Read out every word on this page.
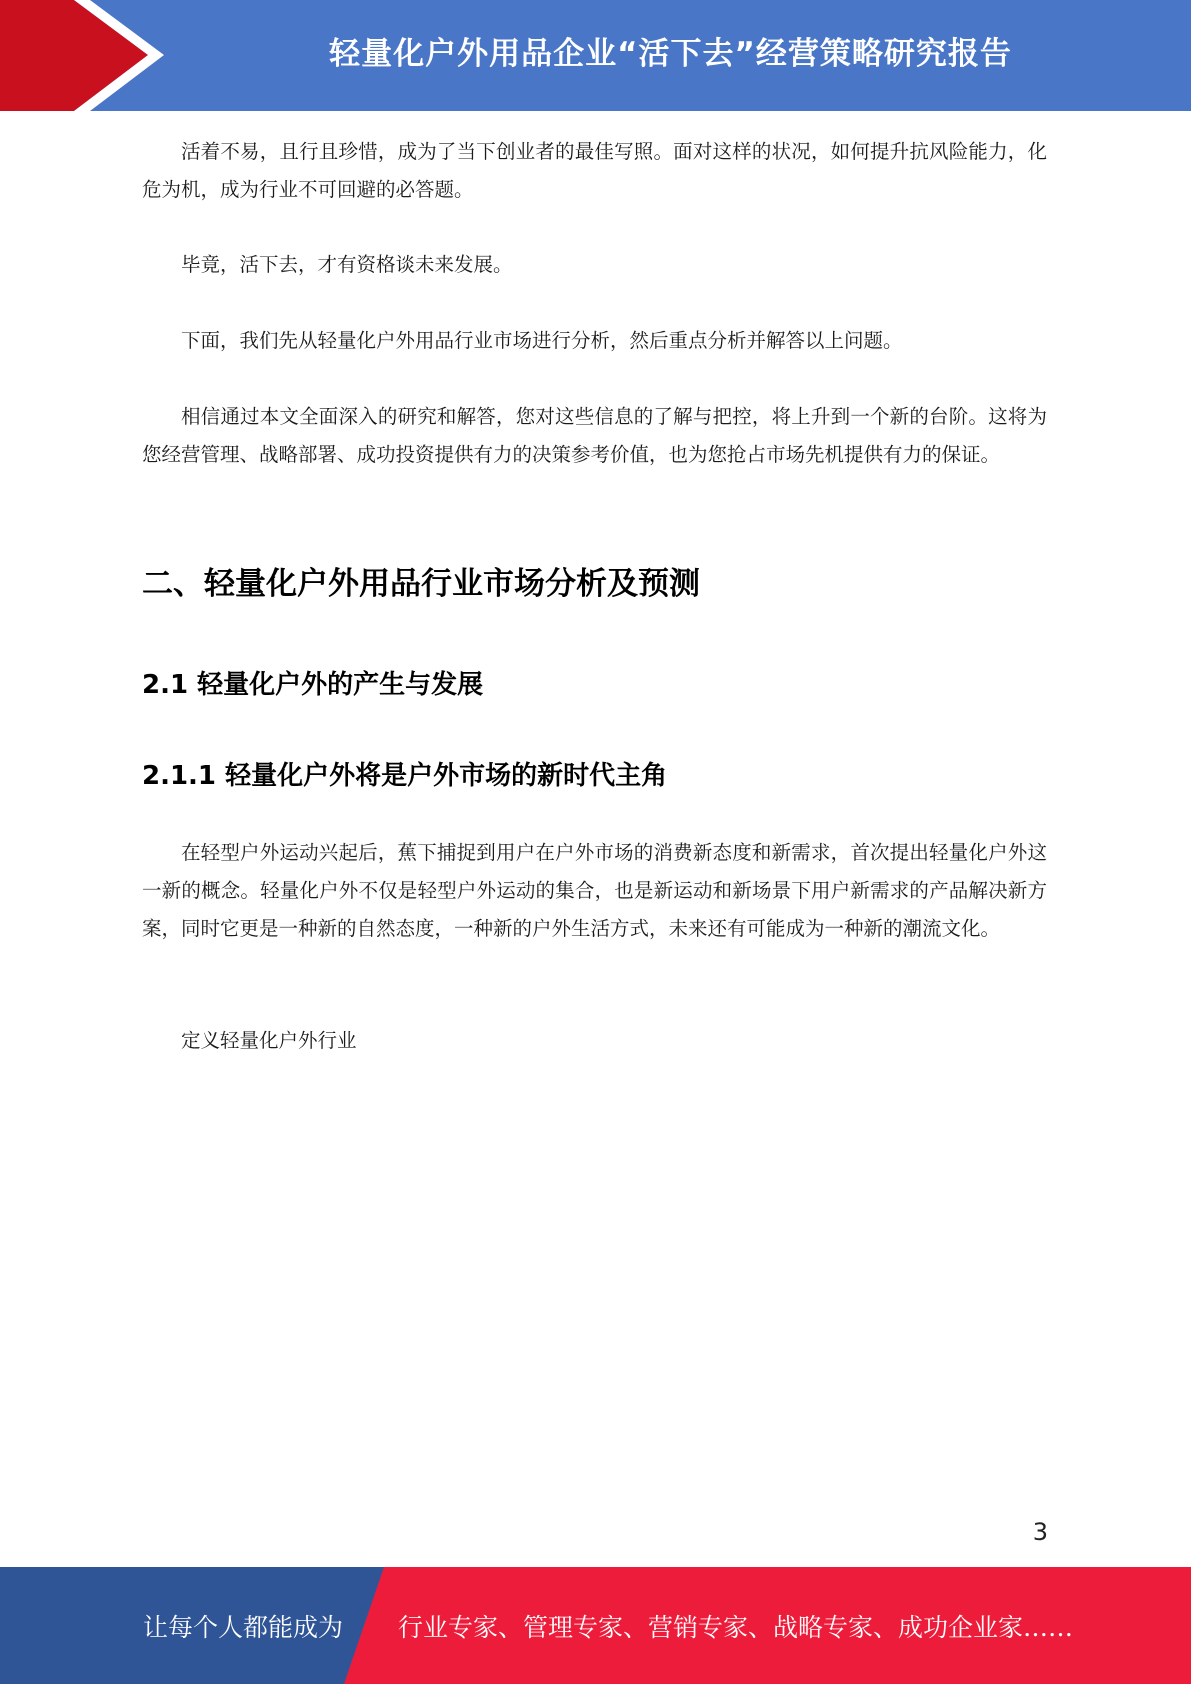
轻量化户外用品企业“活下去”经营策略研究报告

活着不易，且行且珍惜，成为了当下创业者的最佳写照。面对这样的状况，如何提升抗风险能力，化危为机，成为行业不可回避的必答题。

毕竟，活下去，才有资格谈未来发展。

下面，我们先从轻量化户外用品行业市场进行分析，然后重点分析并解答以上问题。

相信通过本文全面深入的研究和解答，您对这些信息的了解与把控，将上升到一个新的台阶。这将为您经营管理、战略部署、成功投资提供有力的决策参考价值，也为您抢占市场先机提供有力的保证。

二、轻量化户外用品行业市场分析及预测
2.1 轻量化户外的产生与发展
2.1.1 轻量化户外将是户外市场的新时代主角

在轻型户外运动兴起后，蕉下捕捉到用户在户外市场的消费新态度和新需求，首次提出轻量化户外这一新的概念。轻量化户外不仅是轻型户外运动的集合，也是新运动和新场景下用户新需求的产品解决新方案，同时它更是一种新的自然态度，一种新的户外生活方式，未来还有可能成为一种新的潮流文化。

定义轻量化户外行业

3
让每个人都能成为 行业专家、管理专家、营销专家、战略专家、成功企业家……
